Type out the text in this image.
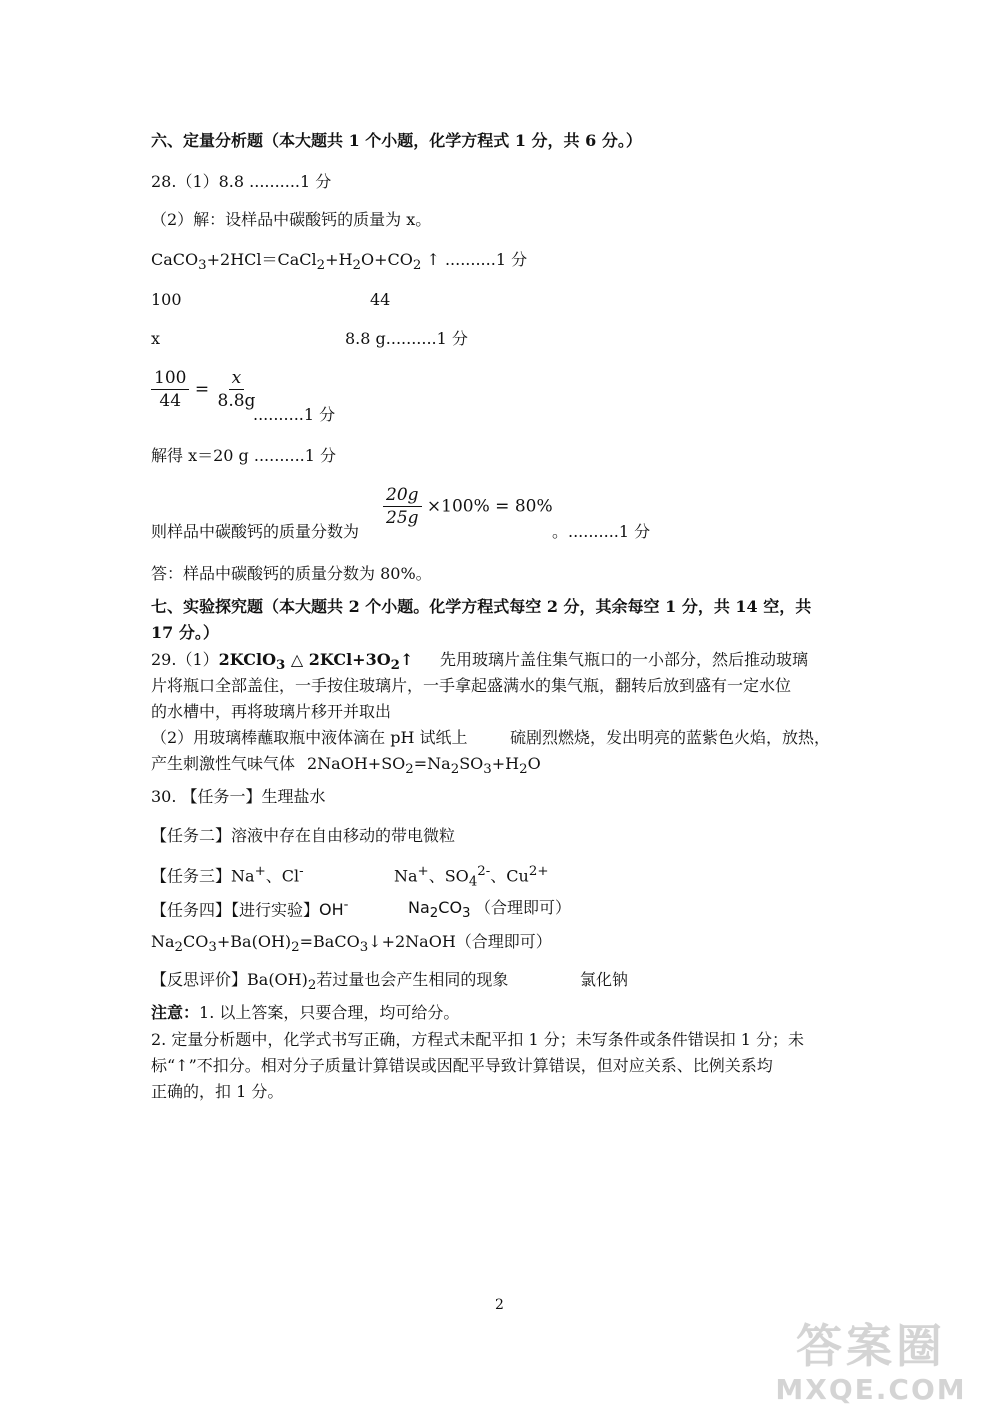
六、定量分析题（本大题共 1 个小题，化学方程式 1 分，共 6 分。）
28.（1）8.8 ..........1 分
（2）解：设样品中碳酸钙的质量为 x。
$CaCO_3+2HCl=CaCl_2+H_2O+CO_2$ ↑ ..........1 分
100	44
x	8.8 g..........1 分
$\frac{100}{44} = \frac{x}{8.8g}$
..........1 分
解得 x＝20 g ..........1 分
$\frac{20g}{25g} \times 100\% = 80\%$
则样品中碳酸钙的质量分数为	。..........1 分
答：样品中碳酸钙的质量分数为 80%。
七、实验探究题（本大题共 2 个小题。化学方程式每空 2 分，其余每空 1 分，共 14 空，共
17 分。）
29.（1）2KClO$_3$ △ $2KCl+3O_2↑$ 先用玻璃片盖住集气瓶口的一小部分，然后推动玻璃
片将瓶口全部盖住，一手按住玻璃片，一手拿起盛满水的集气瓶，翻转后放到盛有一定水位
的水槽中，再将玻璃片移开并取出
（2）用玻璃棒蘸取瓶中液体滴在 pH 试纸上	硫剧烈燃烧，发出明亮的蓝紫色火焰，放热，
产生刺激性气味气体 $2NaOH+SO_2=Na_2SO_3+H_2O$
30. 【任务一】生理盐水
【任务二】溶液中存在自由移动的带电微粒
【任务三】Na+、Cl-	Na+、$SO_4^{2-}$、$Cu^{2+}$
【任务四】【进行实验】OH-	$Na_2CO_3$ （合理即可）
$Na_2CO_3+Ba(OH)_2=BaCO_3↓+2NaOH$（合理即可）
【反思评价】$Ba(OH)_2$若过量也会产生相同的现象	氯化钠
注意：1. 以上答案，只要合理，均可给分。
2. 定量分析题中，化学式书写正确，方程式未配平扣 1 分；未写条件或条件错误扣 1 分；未
标“↑”不扣分。相对分子质量计算错误或因配平导致计算错误，但对应关系、比例关系均
正确的，扣 1 分。
2
答案圈
MXQE.COM
